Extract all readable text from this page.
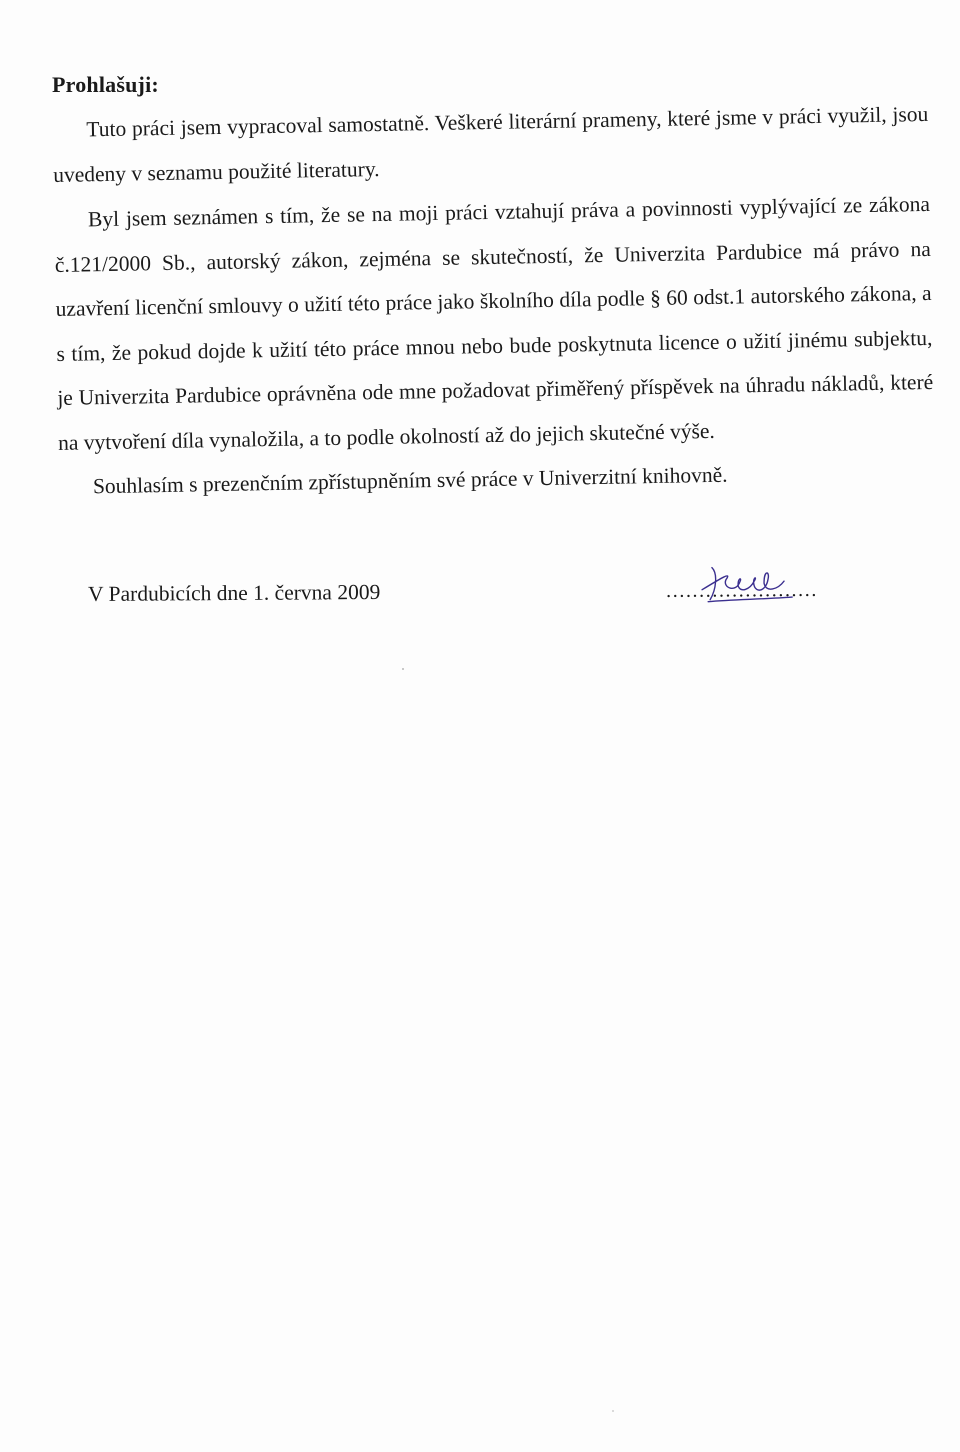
Prohlašuji:

Tuto práci jsem vypracoval samostatně. Veškeré literární prameny, které jsme v práci využil, jsou uvedeny v seznamu použité literatury.

Byl jsem seznámen s tím, že se na moji práci vztahují práva a povinnosti vyplývající ze zákona č.121/2000 Sb., autorský zákon, zejména se skutečností, že Univerzita Pardubice má právo na uzavření licenční smlouvy o užití této práce jako školního díla podle § 60 odst.1 autorského zákona, a s tím, že pokud dojde k užití této práce mnou nebo bude poskytnuta licence o užití jinému subjektu, je Univerzita Pardubice oprávněna ode mne požadovat přiměřený příspěvek na úhradu nákladů, které na vytvoření díla vynaložila, a to podle okolností až do jejich skutečné výše.

Souhlasím s prezenčním zpřístupněním své práce v Univerzitní knihovně.

V Pardubicích dne 1. června 2009	.......................
